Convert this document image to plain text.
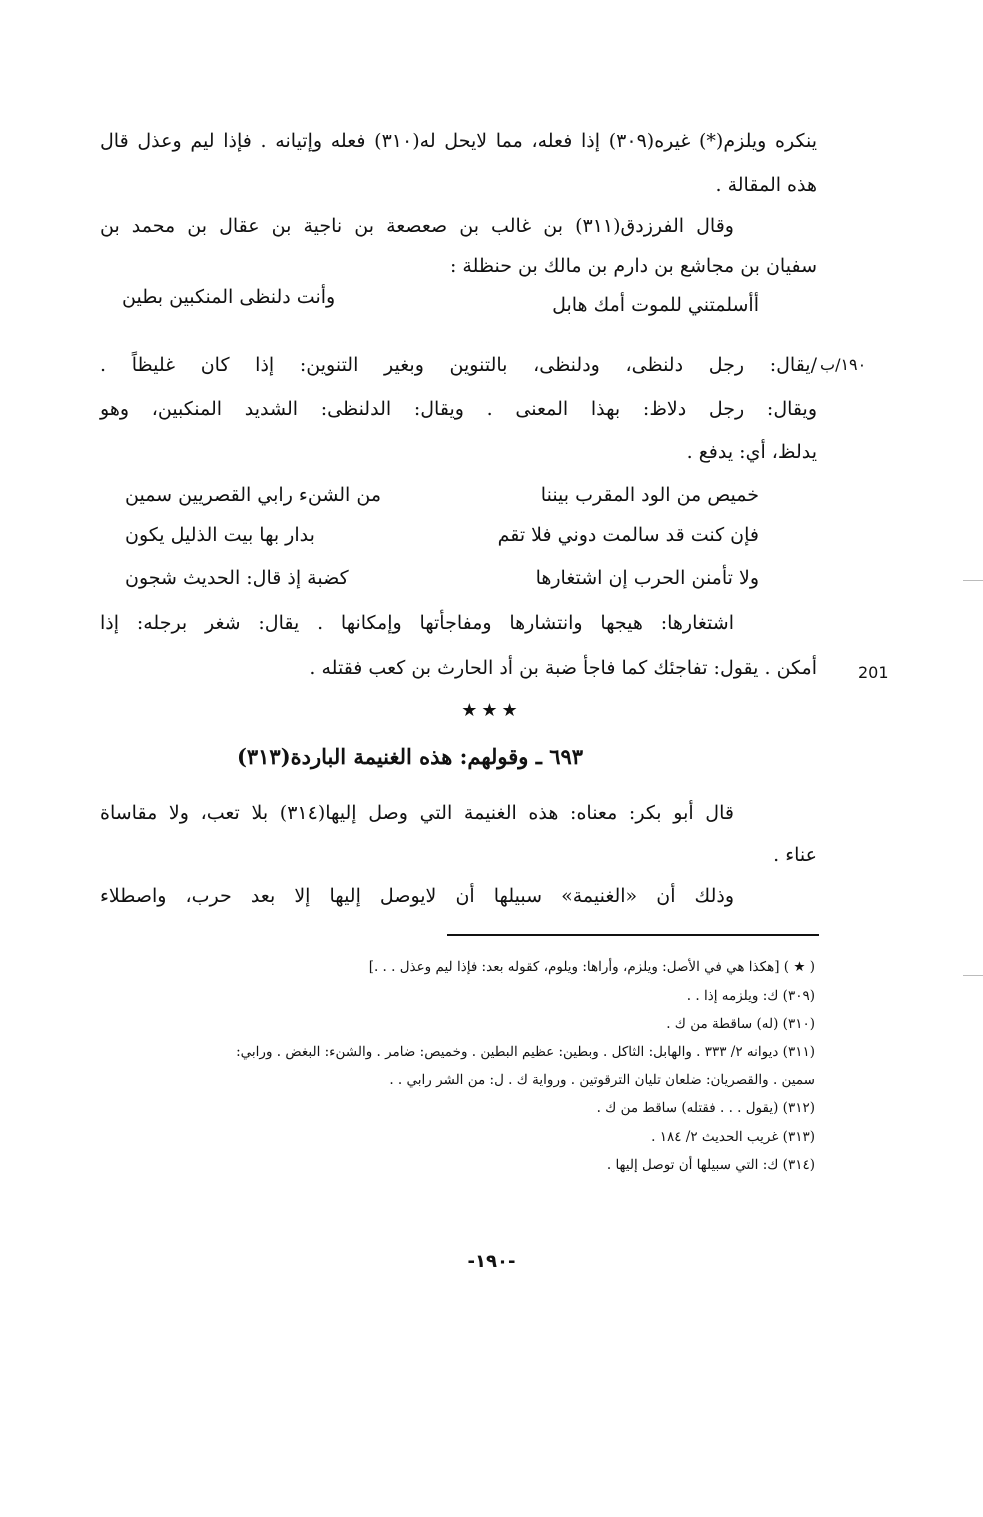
ينكره ويلزم(*) غيره(٣٠٩) إذا فعله، مما لايحل له(٣١٠) فعله وإتيانه . فإذا ليم وعذل قال
هذه المقالة .
وقال الفرزدق(٣١١) بن غالب بن صعصعة بن ناجية بن عقال بن محمد بن
سفيان بن مجاشع بن دارم بن مالك بن حنظلة :
أأسلمتني للموت أمك هابل
وأنت دلنظى المنكبين بطين
١٩٠/ب
/يقال: رجل دلنظى، ودلنظى، بالتنوين وبغير التنوين: إذا كان غليظاً .
ويقال: رجل دلاظ: بهذا المعنى . ويقال: الدلنظى: الشديد المنكبين، وهو
يدلظ، أي: يدفع .
خميص من الود المقرب بيننا
من الشنء رابي القصريين سمين
فإن كنت قد سالمت دوني فلا تقم
بدار بها بيت الذليل يكون
ولا تأمنن الحرب إن اشتغارها
كضبة إذ قال: الحديث شجون
اشتغارها: هيجها وانتشارها ومفاجأتها وإمكانها . يقال: شغر برجله: إذا
أمكن . يقول: تفاجئك كما فاجأ ضبة بن أد الحارث بن كعب فقتله .	201
★★★
٦٩٣ ـ وقولهم: هذه الغنيمة الباردة(٣١٣)
قال أبو بكر: معناه: هذه الغنيمة التي وصل إليها(٣١٤) بلا تعب، ولا مقاساة
عناء .
وذلك أن «الغنيمة» سبيلها أن لايوصل إليها إلا بعد حرب، واصطلاء
( ★ ) [هكذا هي في الأصل: ويلزم، وأراها: ويلوم، كقوله بعد: فإذا ليم وعذل . . .]
(٣٠٩) ك: ويلزمه إذا . .
(٣١٠) (له) ساقطة من ك .
(٣١١) ديوانه ٢/ ٣٣٣ . والهابل: الثاكل . وبطين: عظيم البطين . وخميص: ضامر . والشنء: البغض . ورابي:
سمين . والقصريان: ضلعان تليان الترقوتين . ورواية ك . ل: من الشر رابي . .
(٣١٢) (يقول . . . فقتله) ساقط من ك .
(٣١٣) غريب الحديث ٢/ ١٨٤ .
(٣١٤) ك: التي سبيلها أن توصل إليها .
-١٩٠-
